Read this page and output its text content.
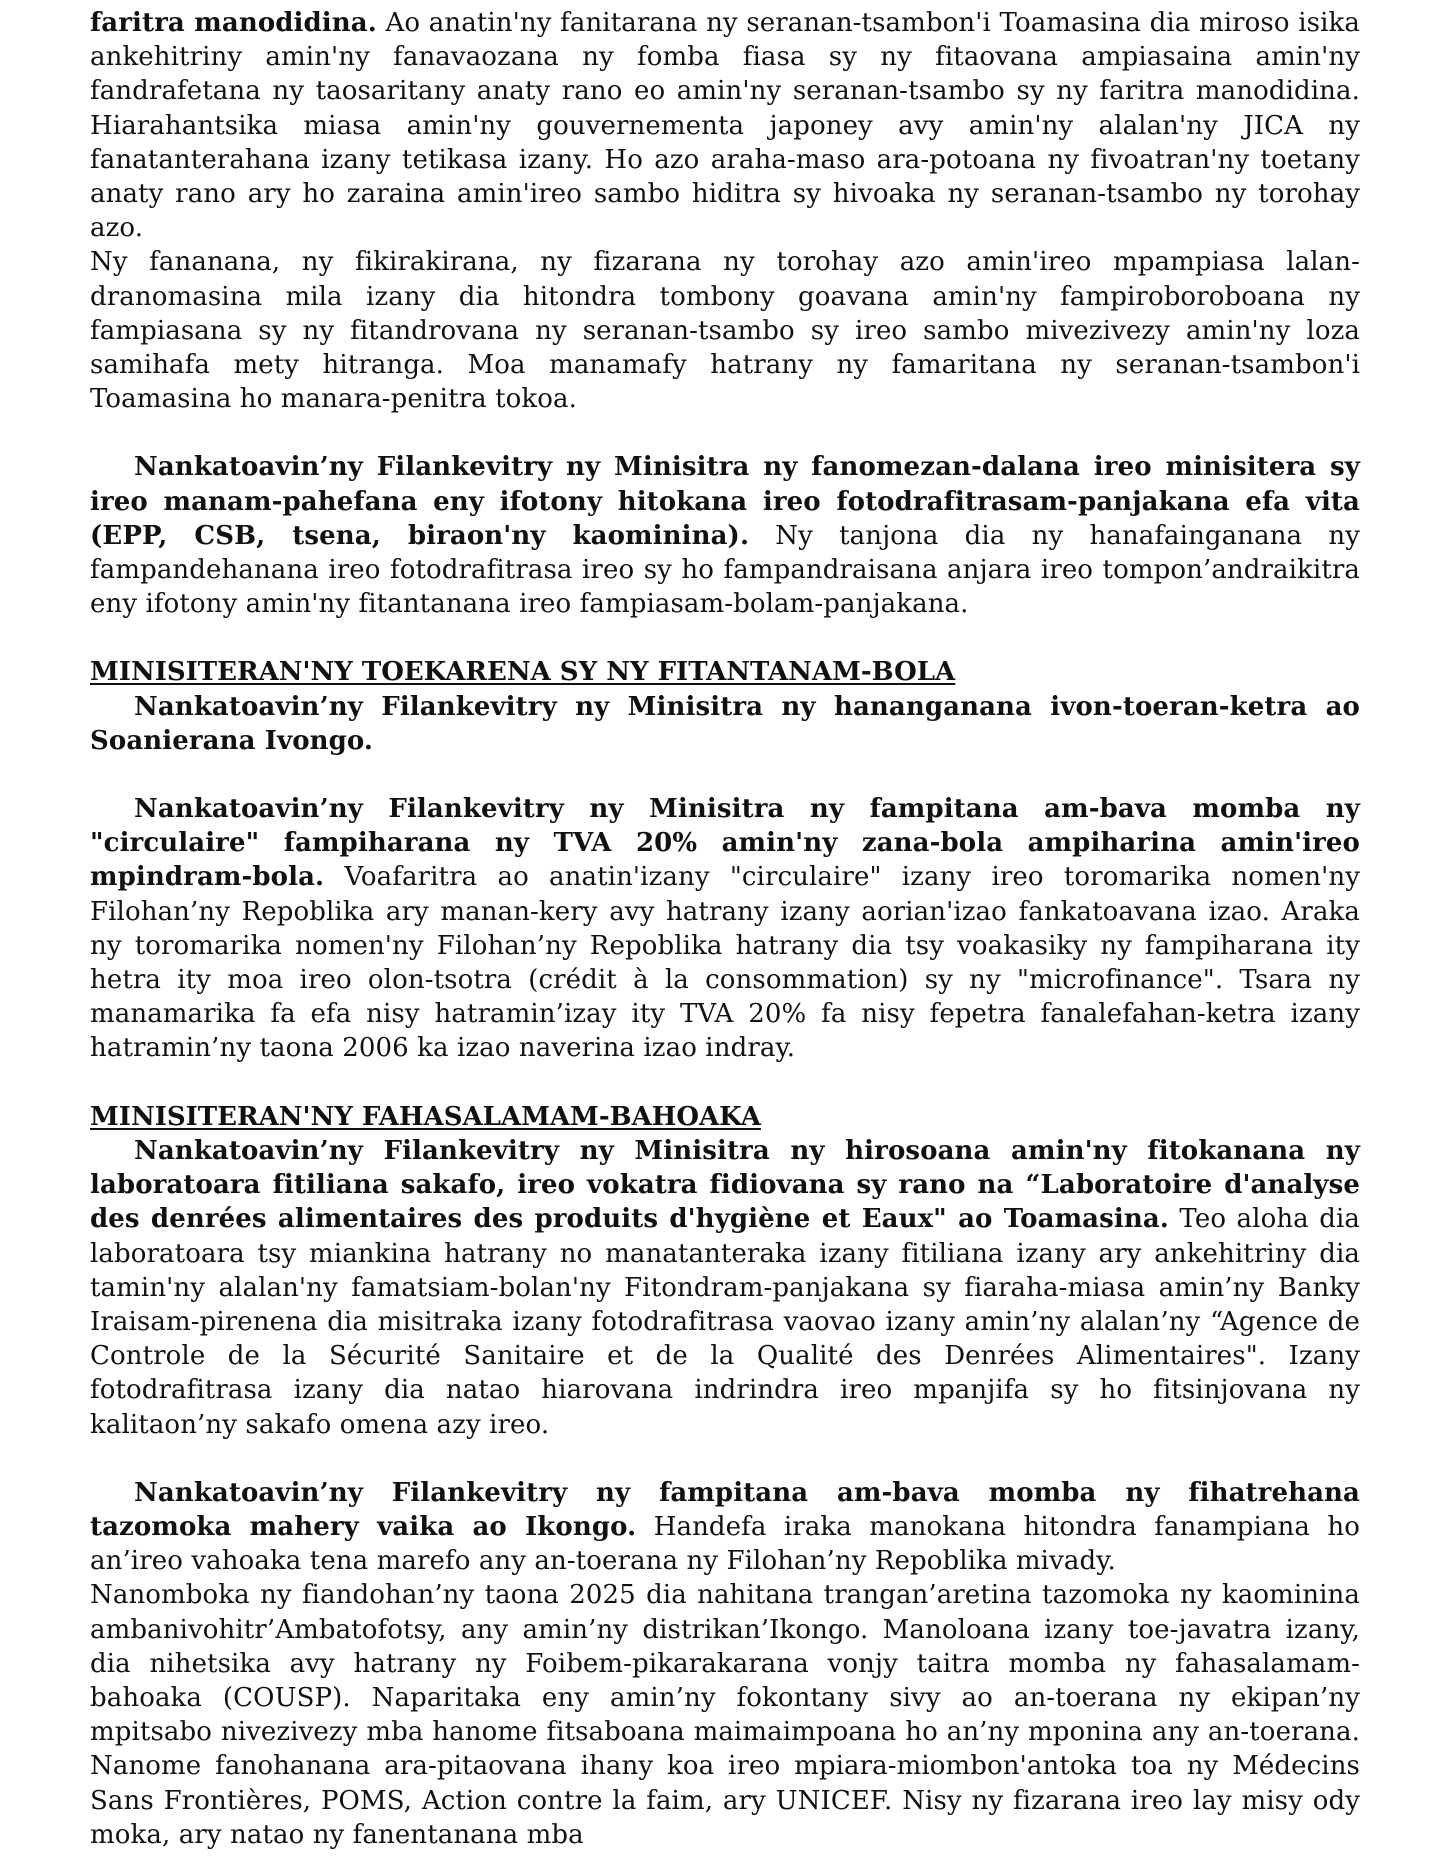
faritra manodidina. Ao anatin'ny fanitarana ny seranan-tsambon'i Toamasina dia miroso isika ankehitriny amin'ny fanavaozana ny fomba fiasa sy ny fitaovana ampiasaina amin'ny fandrafetana ny taosaritany anaty rano eo amin'ny seranan-tsambo sy ny faritra manodidina. Hiarahantsika miasa amin'ny gouvernementa japoney avy amin'ny alalan'ny JICA ny fanatanterahana izany tetikasa izany. Ho azo araha-maso ara-potoana ny fivoatran'ny toetany anaty rano ary ho zaraina amin'ireo sambo hiditra sy hivoaka ny seranan-tsambo ny torohay azo.

Ny fananana, ny fikirakirana, ny fizarana ny torohay azo amin'ireo mpampiasa lalan-dranomasina mila izany dia hitondra tombony goavana amin'ny fampiroboroboana ny fampiasana sy ny fitandrovana ny seranan-tsambo sy ireo sambo mivezivezy amin'ny loza samihafa mety hitranga. Moa manamafy hatrany ny famaritana ny seranan-tsambon'i Toamasina ho manara-penitra tokoa.

Nankatoavin’ny Filankevitry ny Minisitra ny fanomezan-dalana ireo minisitera sy ireo manam-pahefana eny ifotony hitokana ireo fotodrafitrasam-panjakana efa vita (EPP, CSB, tsena, biraon'ny kaominina). Ny tanjona dia ny hanafainganana ny fampandehanana ireo fotodrafitrasa ireo sy ho fampandraisana anjara ireo tompon’andraikitra eny ifotony amin'ny fitantanana ireo fampiasam-bolam-panjakana.

MINISITERAN'NY TOEKARENA SY NY FITANTANAM-BOLA

Nankatoavin’ny Filankevitry ny Minisitra ny hananganana ivon-toeran-ketra ao Soanierana Ivongo.

Nankatoavin’ny Filankevitry ny Minisitra ny fampitana am-bava momba ny "circulaire" fampiharana ny TVA 20% amin'ny zana-bola ampiharina amin'ireo mpindram-bola. Voafaritra ao anatin'izany "circulaire" izany ireo toromarika nomen'ny Filohan’ny Repoblika ary manan-kery avy hatrany izany aorian'izao fankatoavana izao. Araka ny toromarika nomen'ny Filohan’ny Repoblika hatrany dia tsy voakasiky ny fampiharana ity hetra ity moa ireo olon-tsotra (crédit à la consommation) sy ny "microfinance". Tsara ny manamarika fa efa nisy hatramin’izay ity TVA 20% fa nisy fepetra fanalefahan-ketra izany hatramin’ny taona 2006 ka izao naverina izao indray.

MINISITERAN'NY FAHASALAMAM-BAHOAKA

Nankatoavin’ny Filankevitry ny Minisitra ny hirosoana amin'ny fitokanana ny laboratoara fitiliana sakafo, ireo vokatra fidiovana sy rano na “Laboratoire d'analyse des denrées alimentaires des produits d'hygiène et Eaux" ao Toamasina. Teo aloha dia laboratoara tsy miankina hatrany no manatanteraka izany fitiliana izany ary ankehitriny dia tamin'ny alalan'ny famatsiam-bolan'ny Fitondram-panjakana sy fiaraha-miasa amin’ny Banky Iraisam-pirenena dia misitraka izany fotodrafitrasa vaovao izany amin’ny alalan’ny “Agence de Controle de la Sécurité Sanitaire et de la Qualité des Denrées Alimentaires". Izany fotodrafitrasa izany dia natao hiarovana indrindra ireo mpanjifa sy ho fitsinjovana ny kalitaon’ny sakafo omena azy ireo.

Nankatoavin’ny Filankevitry ny fampitana am-bava momba ny fihatrehana tazomoka mahery vaika ao Ikongo. Handefa iraka manokana hitondra fanampiana ho an’ireo vahoaka tena marefo any an-toerana ny Filohan’ny Repoblika mivady.

Nanomboka ny fiandohan’ny taona 2025 dia nahitana trangan’aretina tazomoka ny kaominina ambanivohitr’Ambatofotsy, any amin’ny distrikan’Ikongo. Manoloana izany toe-javatra izany, dia nihetsika avy hatrany ny Foibem-pikarakarana vonjy taitra momba ny fahasalamam-bahoaka (COUSP). Naparitaka eny amin’ny fokontany sivy ao an-toerana ny ekipan’ny mpitsabo nivezivezy mba hanome fitsaboana maimaimpoana ho an’ny mponina any an-toerana. Nanome fanohanana ara-pitaovana ihany koa ireo mpiara-miombon'antoka toa ny Médecins Sans Frontières, POMS, Action contre la faim, ary UNICEF. Nisy ny fizarana ireo lay misy ody moka, ary natao ny fanentanana mba
